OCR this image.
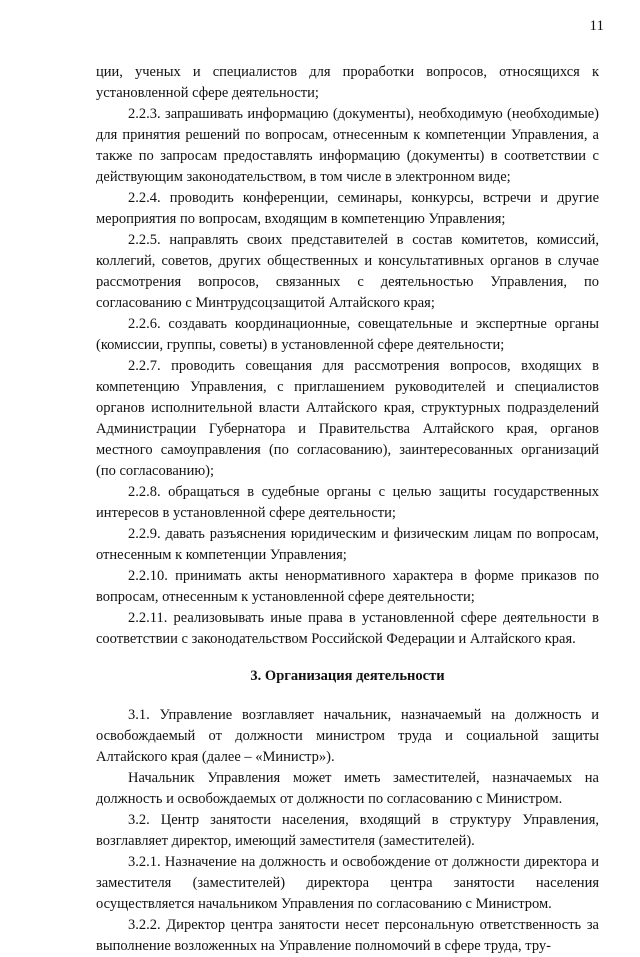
11

ции, ученых и специалистов для проработки вопросов, относящихся к установленной сфере деятельности;

2.2.3. запрашивать информацию (документы), необходимую (необходимые) для принятия решений по вопросам, отнесенным к компетенции Управления, а также по запросам предоставлять информацию (документы) в соответствии с действующим законодательством, в том числе в электронном виде;

2.2.4. проводить конференции, семинары, конкурсы, встречи и другие мероприятия по вопросам, входящим в компетенцию Управления;

2.2.5. направлять своих представителей в состав комитетов, комиссий, коллегий, советов, других общественных и консультативных органов в случае рассмотрения вопросов, связанных с деятельностью Управления, по согласованию с Минтрудсоцзащитой Алтайского края;

2.2.6. создавать координационные, совещательные и экспертные органы (комиссии, группы, советы) в установленной сфере деятельности;

2.2.7. проводить совещания для рассмотрения вопросов, входящих в компетенцию Управления, с приглашением руководителей и специалистов органов исполнительной власти Алтайского края, структурных подразделений Администрации Губернатора и Правительства Алтайского края, органов местного самоуправления (по согласованию), заинтересованных организаций (по согласованию);

2.2.8. обращаться в судебные органы с целью защиты государственных интересов в установленной сфере деятельности;

2.2.9. давать разъяснения юридическим и физическим лицам по вопросам, отнесенным к компетенции Управления;

2.2.10. принимать акты ненормативного характера в форме приказов по вопросам, отнесенным к установленной сфере деятельности;

2.2.11. реализовывать иные права в установленной сфере деятельности в соответствии с законодательством Российской Федерации и Алтайского края.

3. Организация деятельности

3.1. Управление возглавляет начальник, назначаемый на должность и освобождаемый от должности министром труда и социальной защиты Алтайского края (далее – «Министр»).

Начальник Управления может иметь заместителей, назначаемых на должность и освобождаемых от должности по согласованию с Министром.

3.2. Центр занятости населения, входящий в структуру Управления, возглавляет директор, имеющий заместителя (заместителей).

3.2.1. Назначение на должность и освобождение от должности директора и заместителя (заместителей) директора центра занятости населения осуществляется начальником Управления по согласованию с Министром.

3.2.2. Директор центра занятости несет персональную ответственность за выполнение возложенных на Управление полномочий в сфере труда, тру-
